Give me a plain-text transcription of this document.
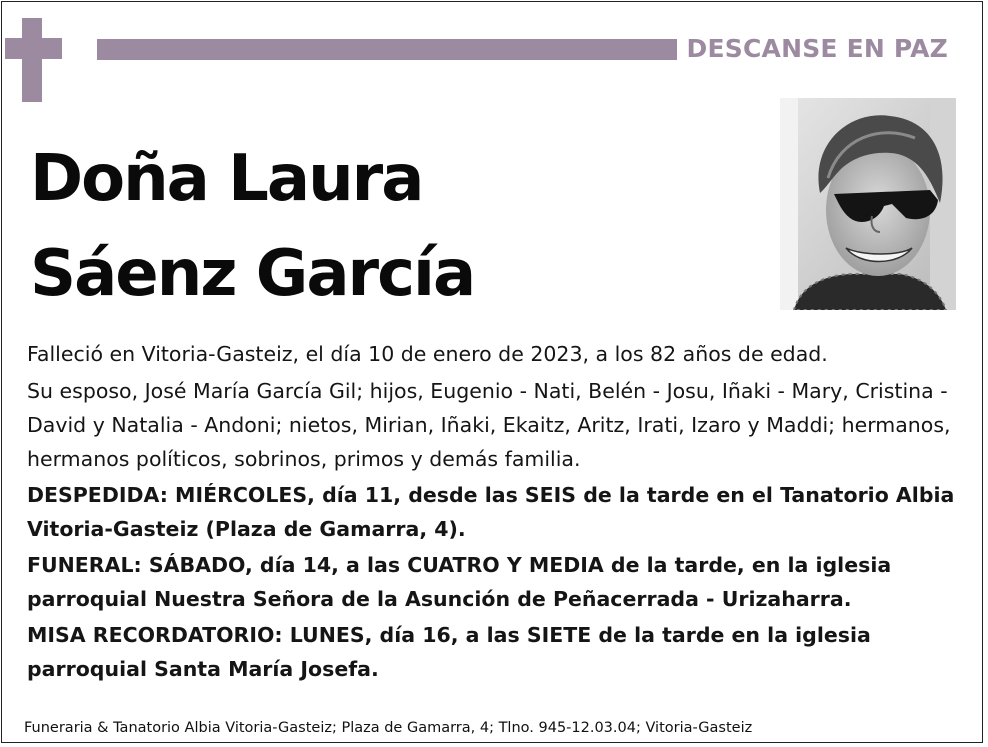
DESCANSE EN PAZ
Doña Laura
Sáenz García

Falleció en Vitoria-Gasteiz, el día 10 de enero de 2023, a los 82 años de edad.

Su esposo, José María García Gil; hijos, Eugenio - Nati, Belén - Josu, Iñaki - Mary, Cristina - David y Natalia - Andoni; nietos, Mirian, Iñaki, Ekaitz, Aritz, Irati, Izaro y Maddi; hermanos, hermanos políticos, sobrinos, primos y demás familia.

DESPEDIDA: MIÉRCOLES, día 11, desde las SEIS de la tarde en el Tanatorio Albia Vitoria-Gasteiz (Plaza de Gamarra, 4).

FUNERAL: SÁBADO, día 14, a las CUATRO Y MEDIA de la tarde, en la iglesia parroquial Nuestra Señora de la Asunción de Peñacerrada - Urizaharra.

MISA RECORDATORIO: LUNES, día 16, a las SIETE de la tarde en la iglesia parroquial Santa María Josefa.

Funeraria & Tanatorio Albia Vitoria-Gasteiz; Plaza de Gamarra, 4; Tlno. 945-12.03.04; Vitoria-Gasteiz
